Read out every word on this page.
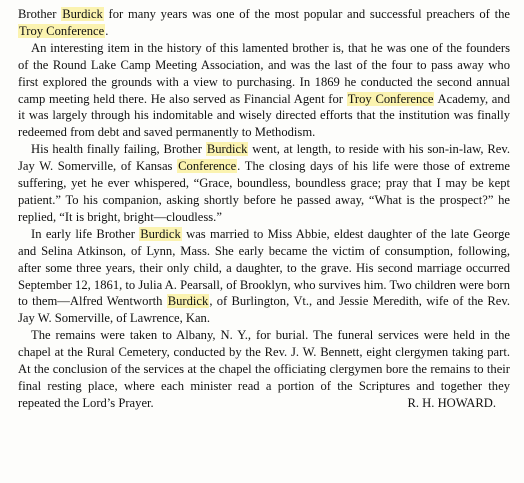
Brother Burdick for many years was one of the most popular and successful preachers of the Troy Conference.

An interesting item in the history of this lamented brother is, that he was one of the founders of the Round Lake Camp Meeting Association, and was the last of the four to pass away who first explored the grounds with a view to purchasing. In 1869 he conducted the second annual camp meeting held there. He also served as Financial Agent for Troy Conference Academy, and it was largely through his indomitable and wisely directed efforts that the institution was finally redeemed from debt and saved permanently to Methodism.

His health finally failing, Brother Burdick went, at length, to reside with his son-in-law, Rev. Jay W. Somerville, of Kansas Conference. The closing days of his life were those of extreme suffering, yet he ever whispered, “Grace, boundless, boundless grace; pray that I may be kept patient.” To his companion, asking shortly before he passed away, “What is the prospect?” he replied, “It is bright, bright—cloudless.”

In early life Brother Burdick was married to Miss Abbie, eldest daughter of the late George and Selina Atkinson, of Lynn, Mass. She early became the victim of consumption, following, after some three years, their only child, a daughter, to the grave. His second marriage occurred September 12, 1861, to Julia A. Pearsall, of Brooklyn, who survives him. Two children were born to them—Alfred Wentworth Burdick, of Burlington, Vt., and Jessie Meredith, wife of the Rev. Jay W. Somerville, of Lawrence, Kan.

The remains were taken to Albany, N. Y., for burial. The funeral services were held in the chapel at the Rural Cemetery, conducted by the Rev. J. W. Bennett, eight clergymen taking part. At the conclusion of the services at the chapel the officiating clergymen bore the remains to their final resting place, where each minister read a portion of the Scriptures and together they repeated the Lord’s Prayer.	R. H. HOWARD.
